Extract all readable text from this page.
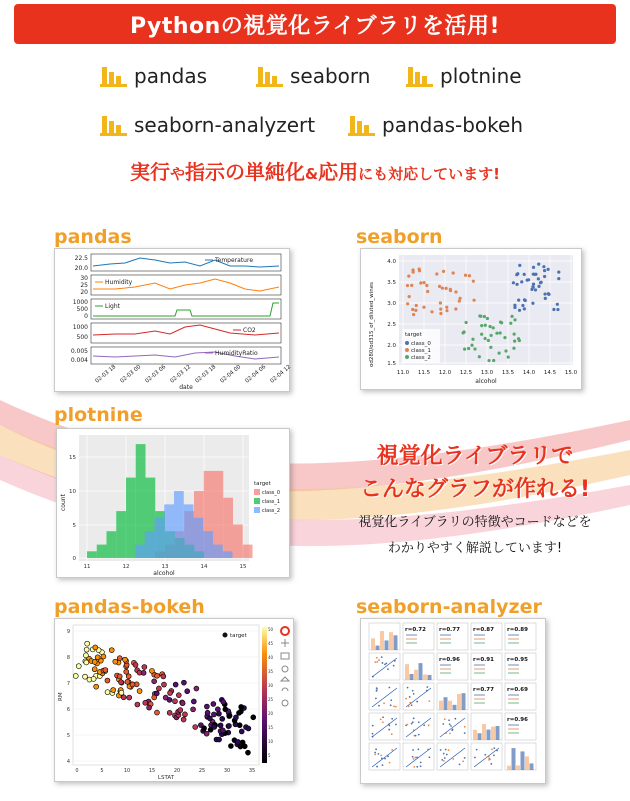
Pythonの視覚化ライブラリを活用!
pandas	seaborn	plotnine
seaborn-analyzert	pandas-bokeh
実行や指示の単純化&応用にも対応しています!
pandas
Temperature
Humidity
Light
CO2
HumidityRatio
22.5
20.0
30
25
20
1000
500
0
1000
500
0.005
0.004
02-03 18 02-03 00 02-03 06 02-03 12 02-03 18 02-04 00 02-04 06 02-04 12
date
seaborn
target
class_0
class_1
class_2
4.0
3.5
3.0
2.5
2.0
1.5
11.0 11.5 12.0 12.5 13.0 13.5 14.0 14.5 15.0
alcohol
od280/od315_of_diluted_wines
plotnine
15
10
5
0
11	12	13	14	15
alcohol
count
target
class_0
class_1
class_2
視覚化ライブラリで
こんなグラフが作れる!
視覚化ライブラリの特徴やコードなどを
わかりやすく解説しています!
pandas-bokeh
target
50
45
40
35
30
25
20
15
10
5
9
8
7
6
5
4
0	5	10	15	20	25	30	35
LSTAT
RM
seaborn-analyzer
r=0.72 r=0.77 r=0.87 r=0.89
r=0.96 r=0.91 r=0.95
r=0.77 r=0.69
r=0.96
